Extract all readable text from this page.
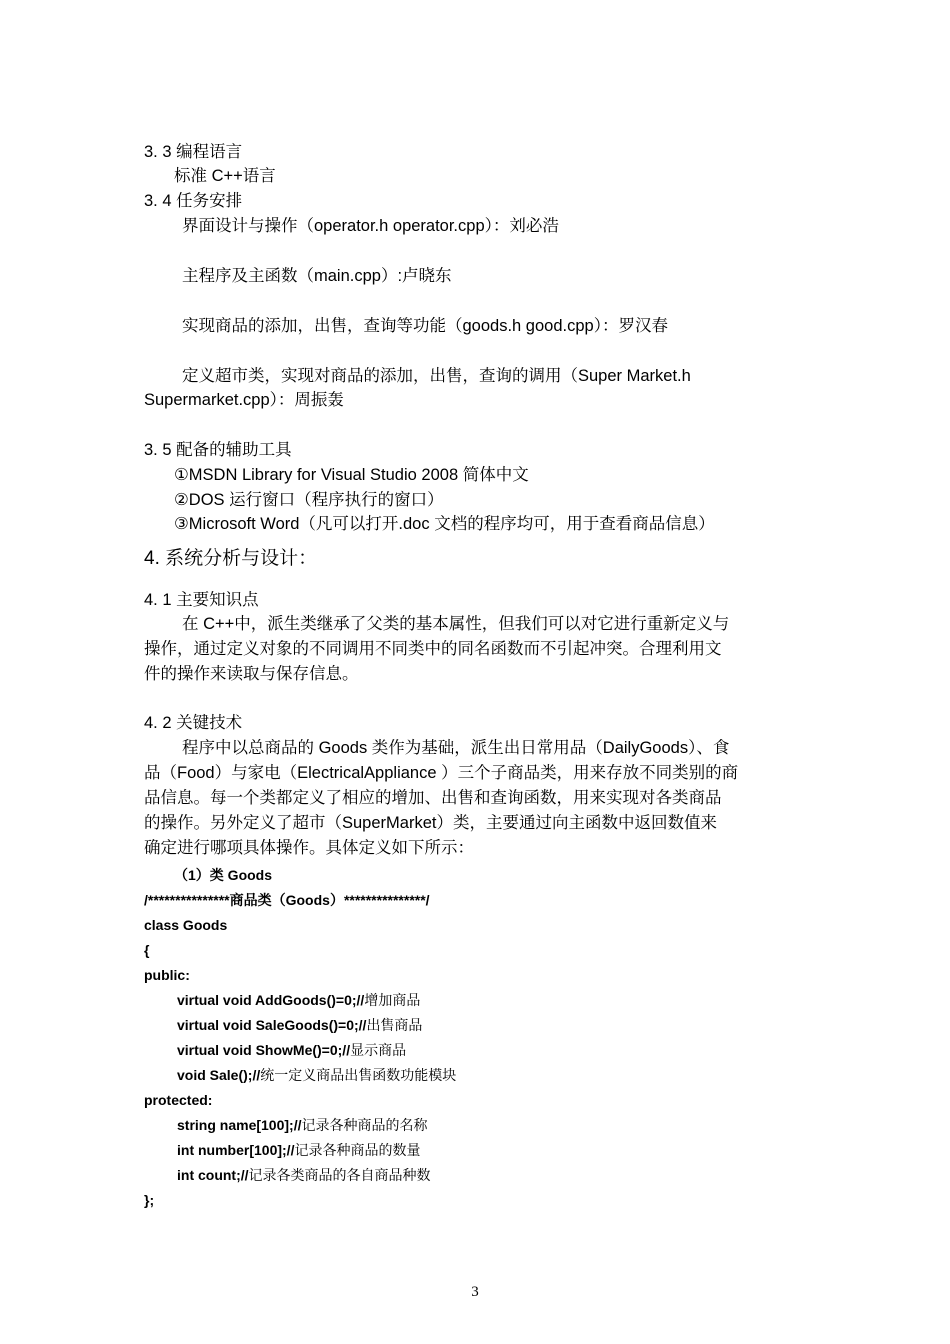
3. 3 编程语言
标准 C++语言
3. 4 任务安排
界面设计与操作（operator.h operator.cpp）：刘必浩
主程序及主函数（main.cpp）:卢晓东
实现商品的添加，出售，查询等功能（goods.h good.cpp）：罗汉春
定义超市类，实现对商品的添加，出售，查询的调用（Super Market.h
Supermarket.cpp）：周振轰
3. 5 配备的辅助工具
①MSDN Library for Visual Studio 2008 简体中文
②DOS 运行窗口（程序执行的窗口）
③Microsoft Word（凡可以打开.doc 文档的程序均可，用于查看商品信息）
4. 系统分析与设计：
4. 1 主要知识点
在 C++中，派生类继承了父类的基本属性，但我们可以对它进行重新定义与
操作，通过定义对象的不同调用不同类中的同名函数而不引起冲突。合理利用文
件的操作来读取与保存信息。
4. 2 关键技术
程序中以总商品的 Goods 类作为基础，派生出日常用品（DailyGoods）、食
品（Food）与家电（ElectricalAppliance ）三个子商品类，用来存放不同类别的商
品信息。每一个类都定义了相应的增加、出售和查询函数，用来实现对各类商品
的操作。另外定义了超市（SuperMarket）类，主要通过向主函数中返回数值来
确定进行哪项具体操作。具体定义如下所示：
（1）类 Goods
/***************商品类（Goods）***************/
class Goods
{
public:
virtual void AddGoods()=0;//增加商品
virtual void SaleGoods()=0;//出售商品
virtual void ShowMe()=0;//显示商品
void Sale();//统一定义商品出售函数功能模块
protected:
string name[100];//记录各种商品的名称
int number[100];//记录各种商品的数量
int count;//记录各类商品的各自商品种数
};
3
